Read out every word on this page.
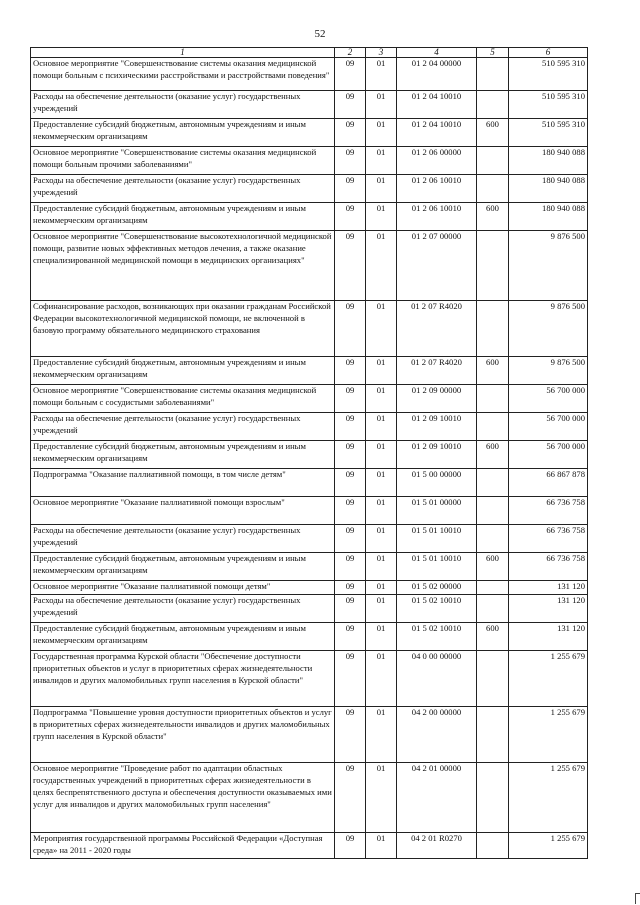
52
1	2	3	4	5	6
Основное мероприятие "Совершенствование системы оказания медицинской помощи больным с психическими расстройствами и расстройствами поведения"	09	01	01 2 04 00000		510 595 310
Расходы на обеспечение деятельности (оказание услуг) государственных учреждений	09	01	01 2 04 10010		510 595 310
Предоставление субсидий бюджетным, автономным учреждениям и иным некоммерческим организациям	09	01	01 2 04 10010	600	510 595 310
Основное мероприятие "Совершенствование системы оказания медицинской помощи больным прочими заболеваниями"	09	01	01 2 06 00000		180 940 088
Расходы на обеспечение деятельности (оказание услуг) государственных учреждений	09	01	01 2 06 10010		180 940 088
Предоставление субсидий бюджетным, автономным учреждениям и иным некоммерческим организациям	09	01	01 2 06 10010	600	180 940 088
Основное мероприятие "Совершенствование высокотехнологичной медицинской помощи, развитие новых эффективных методов лечения, а также оказание специализированной медицинской помощи в медицинских организациях"	09	01	01 2 07 00000		9 876 500
Софинансирование расходов, возникающих при оказании гражданам Российской Федерации высокотехнологичной медицинской помощи, не включенной в базовую программу обязательного медицинского страхования	09	01	01 2 07 R4020		9 876 500
Предоставление субсидий бюджетным, автономным учреждениям и иным некоммерческим организациям	09	01	01 2 07 R4020	600	9 876 500
Основное мероприятие "Совершенствование системы оказания медицинской помощи больным с сосудистыми заболеваниями"	09	01	01 2 09 00000		56 700 000
Расходы на обеспечение деятельности (оказание услуг) государственных учреждений	09	01	01 2 09 10010		56 700 000
Предоставление субсидий бюджетным, автономным учреждениям и иным некоммерческим организациям	09	01	01 2 09 10010	600	56 700 000
Подпрограмма "Оказание паллиативной помощи, в том числе детям"	09	01	01 5 00 00000		66 867 878
Основное мероприятие "Оказание паллиативной помощи взрослым"	09	01	01 5 01 00000		66 736 758
Расходы на обеспечение деятельности (оказание услуг) государственных учреждений	09	01	01 5 01 10010		66 736 758
Предоставление субсидий бюджетным, автономным учреждениям и иным некоммерческим организациям	09	01	01 5 01 10010	600	66 736 758
Основное мероприятие "Оказание паллиативной помощи детям"	09	01	01 5 02 00000		131 120
Расходы на обеспечение деятельности (оказание услуг) государственных учреждений	09	01	01 5 02 10010		131 120
Предоставление субсидий бюджетным, автономным учреждениям и иным некоммерческим организациям	09	01	01 5 02 10010	600	131 120
Государственная программа Курской области "Обеспечение доступности приоритетных объектов и услуг в приоритетных сферах жизнедеятельности инвалидов и других маломобильных групп населения в Курской области"	09	01	04 0 00 00000		1 255 679
Подпрограмма "Повышение уровня доступности приоритетных объектов и услуг в приоритетных сферах жизнедеятельности инвалидов и других маломобильных групп населения в Курской области"	09	01	04 2 00 00000		1 255 679
Основное мероприятие "Проведение работ по адаптации областных государственных учреждений в приоритетных сферах жизнедеятельности в целях беспрепятственного доступа и обеспечения доступности оказываемых ими услуг для инвалидов и других маломобильных групп населения"	09	01	04 2 01 00000		1 255 679
Мероприятия государственной программы Российской Федерации «Доступная среда» на 2011 - 2020 годы	09	01	04 2 01 R0270		1 255 679
